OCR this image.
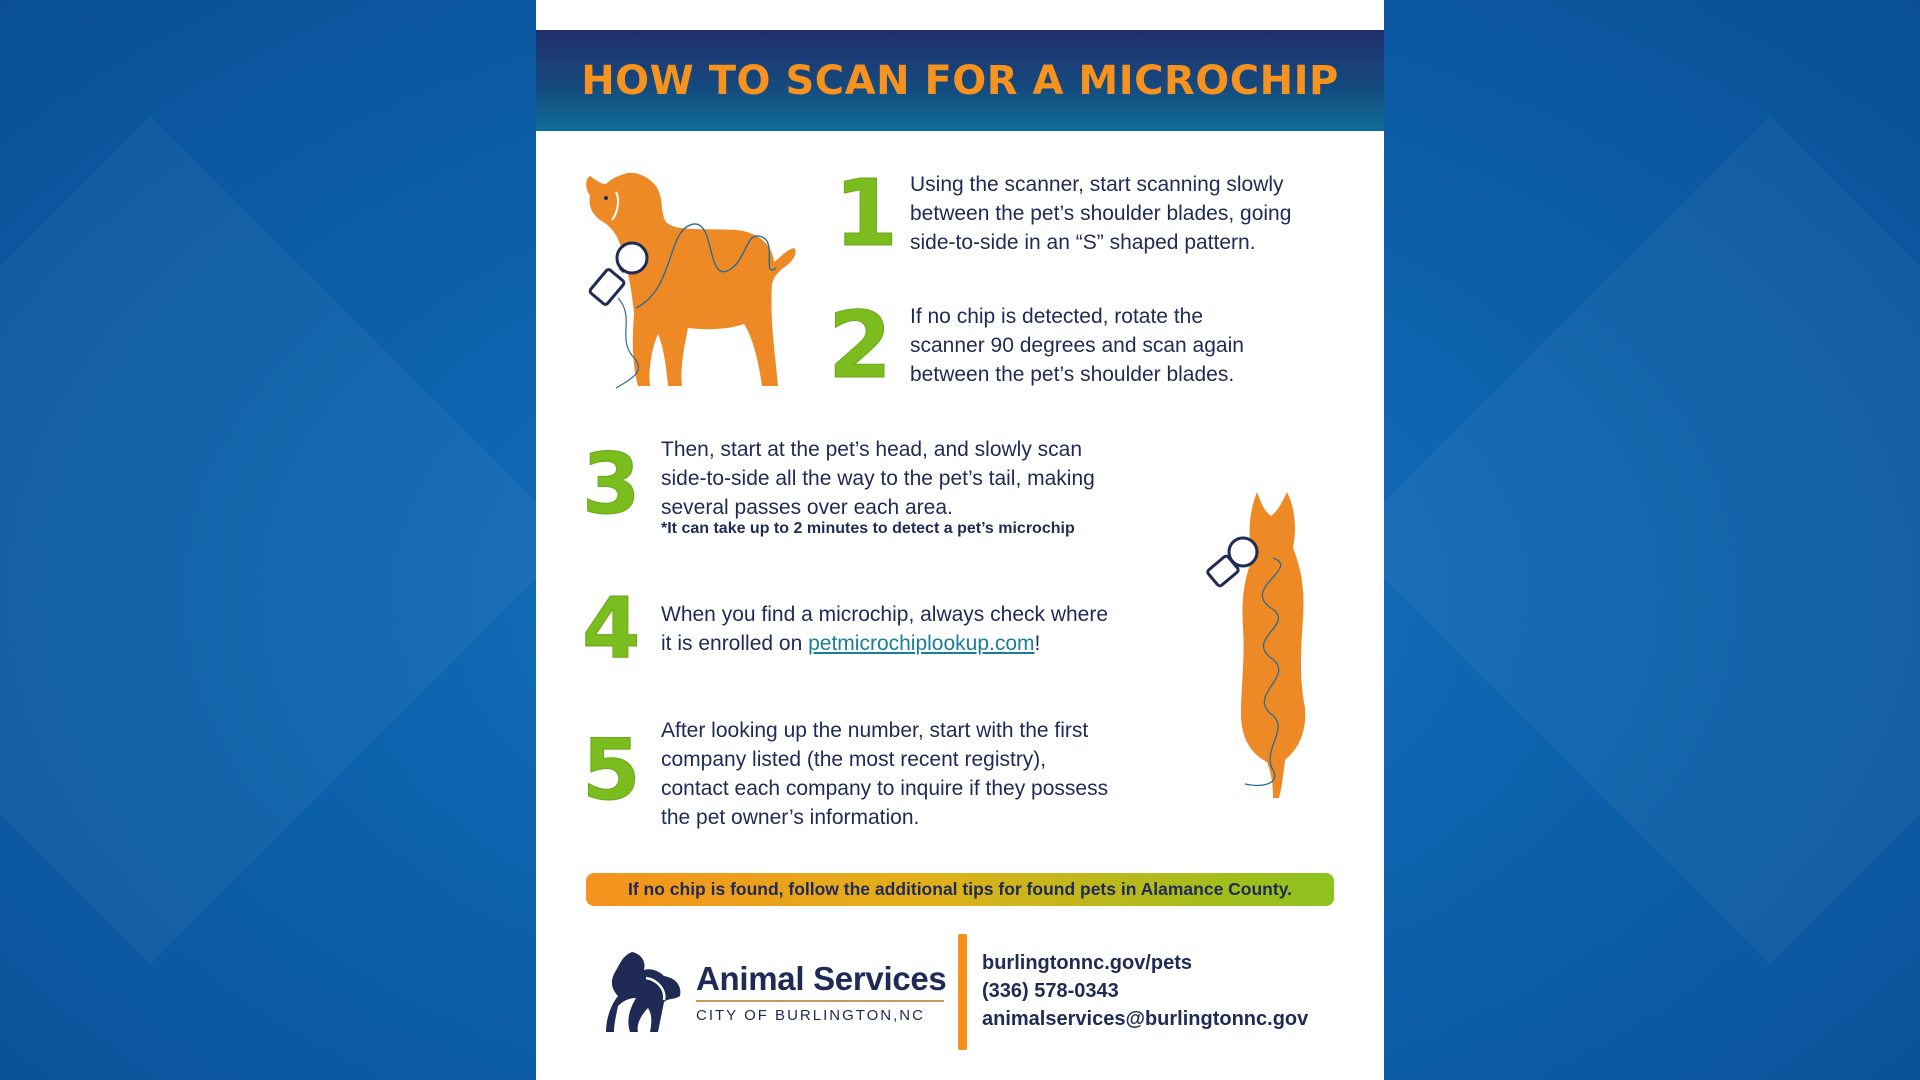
HOW TO SCAN FOR A MICROCHIP
1 Using the scanner, start scanning slowly
between the pet’s shoulder blades, going
side-to-side in an “S” shaped pattern.
2 If no chip is detected, rotate the
scanner 90 degrees and scan again
between the pet’s shoulder blades.
3 Then, start at the pet’s head, and slowly scan
side-to-side all the way to the pet’s tail, making
several passes over each area.
*It can take up to 2 minutes to detect a pet’s microchip
4 When you find a microchip, always check where
it is enrolled on petmicrochiplookup.com!
5 After looking up the number, start with the first
company listed (the most recent registry),
contact each company to inquire if they possess
the pet owner’s information.
If no chip is found, follow the additional tips for found pets in Alamance County.
Animal Services
CITY OF BURLINGTON,NC
burlingtonnc.gov/pets
(336) 578-0343
animalservices@burlingtonnc.gov
